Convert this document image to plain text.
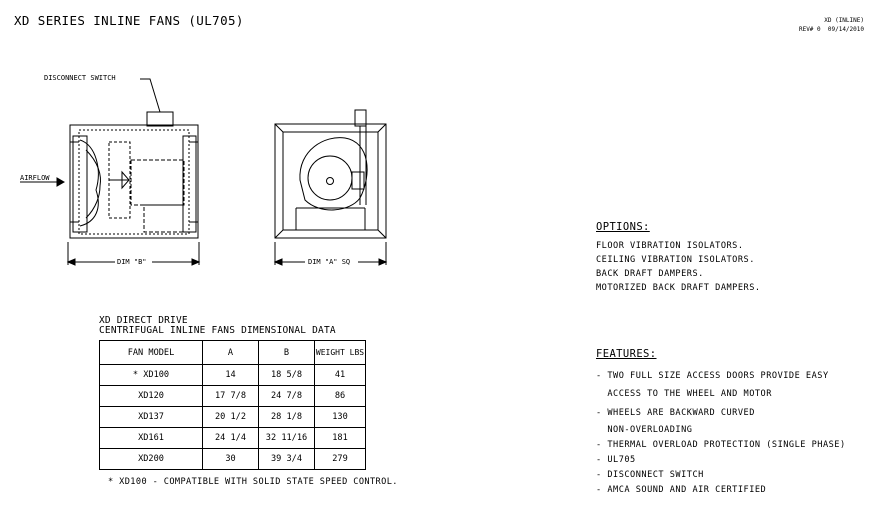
XD SERIES INLINE FANS (UL705)	XD (INLINE)
REV# 0  09/14/2010
DISCONNECT SWITCH
AIRFLOW
DIM "B"	DIM "A" SQ
XD DIRECT DRIVE
CENTRIFUGAL INLINE FANS DIMENSIONAL DATA
FAN MODEL	A	B	WEIGHT LBS
* XD100	14	18 5/8	41
XD120	17 7/8	24 7/8	86
XD137	20 1/2	28 1/8	130
XD161	24 1/4	32 11/16	181
XD200	30	39 3/4	279
* XD100 - COMPATIBLE WITH SOLID STATE SPEED CONTROL.
OPTIONS:
FLOOR VIBRATION ISOLATORS.
CEILING VIBRATION ISOLATORS.
BACK DRAFT DAMPERS.
MOTORIZED BACK DRAFT DAMPERS.
FEATURES:
- TWO FULL SIZE ACCESS DOORS PROVIDE EASY
ACCESS TO THE WHEEL AND MOTOR
- WHEELS ARE BACKWARD CURVED
NON-OVERLOADING
- THERMAL OVERLOAD PROTECTION (SINGLE PHASE)
- UL705
- DISCONNECT SWITCH
- AMCA SOUND AND AIR CERTIFIED
